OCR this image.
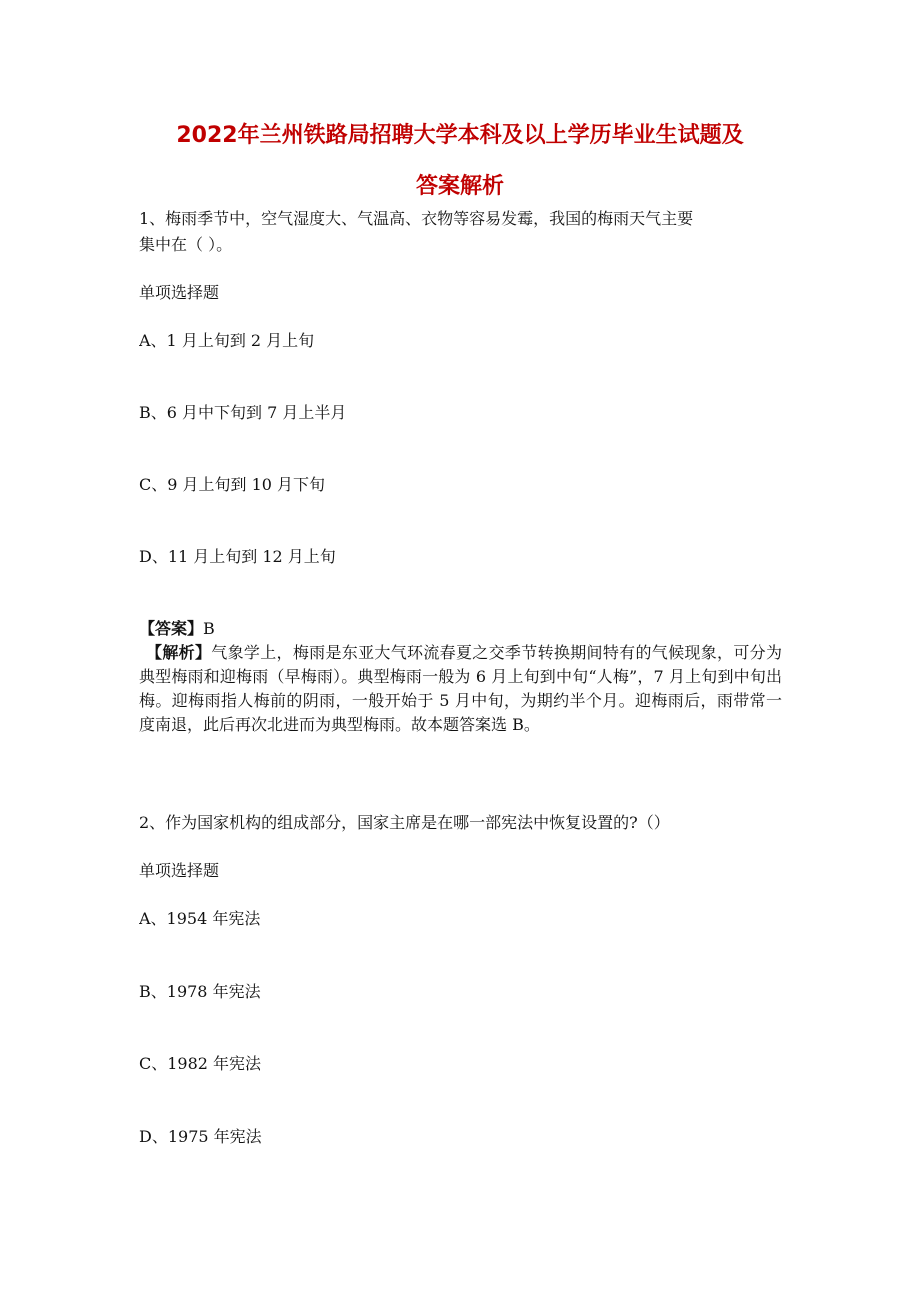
2022年兰州铁路局招聘大学本科及以上学历毕业生试题及
答案解析
1、梅雨季节中，空气湿度大、气温高、衣物等容易发霉，我国的梅雨天气主要
集中在（ ）。
单项选择题
A、1 月上旬到 2 月上旬
B、6 月中下旬到 7 月上半月
C、9 月上旬到 10 月下旬
D、11 月上旬到 12 月上旬
【答案】B
【解析】气象学上，梅雨是东亚大气环流春夏之交季节转换期间特有的气候现象，可分为典型梅雨和迎梅雨（早梅雨）。典型梅雨一般为 6 月上旬到中旬“人梅”，7 月上旬到中旬出梅。迎梅雨指人梅前的阴雨，一般开始于 5 月中旬，为期约半个月。迎梅雨后，雨带常一度南退，此后再次北进而为典型梅雨。故本题答案选 B。
2、作为国家机构的组成部分，国家主席是在哪一部宪法中恢复设置的?（）
单项选择题
A、1954 年宪法
B、1978 年宪法
C、1982 年宪法
D、1975 年宪法
